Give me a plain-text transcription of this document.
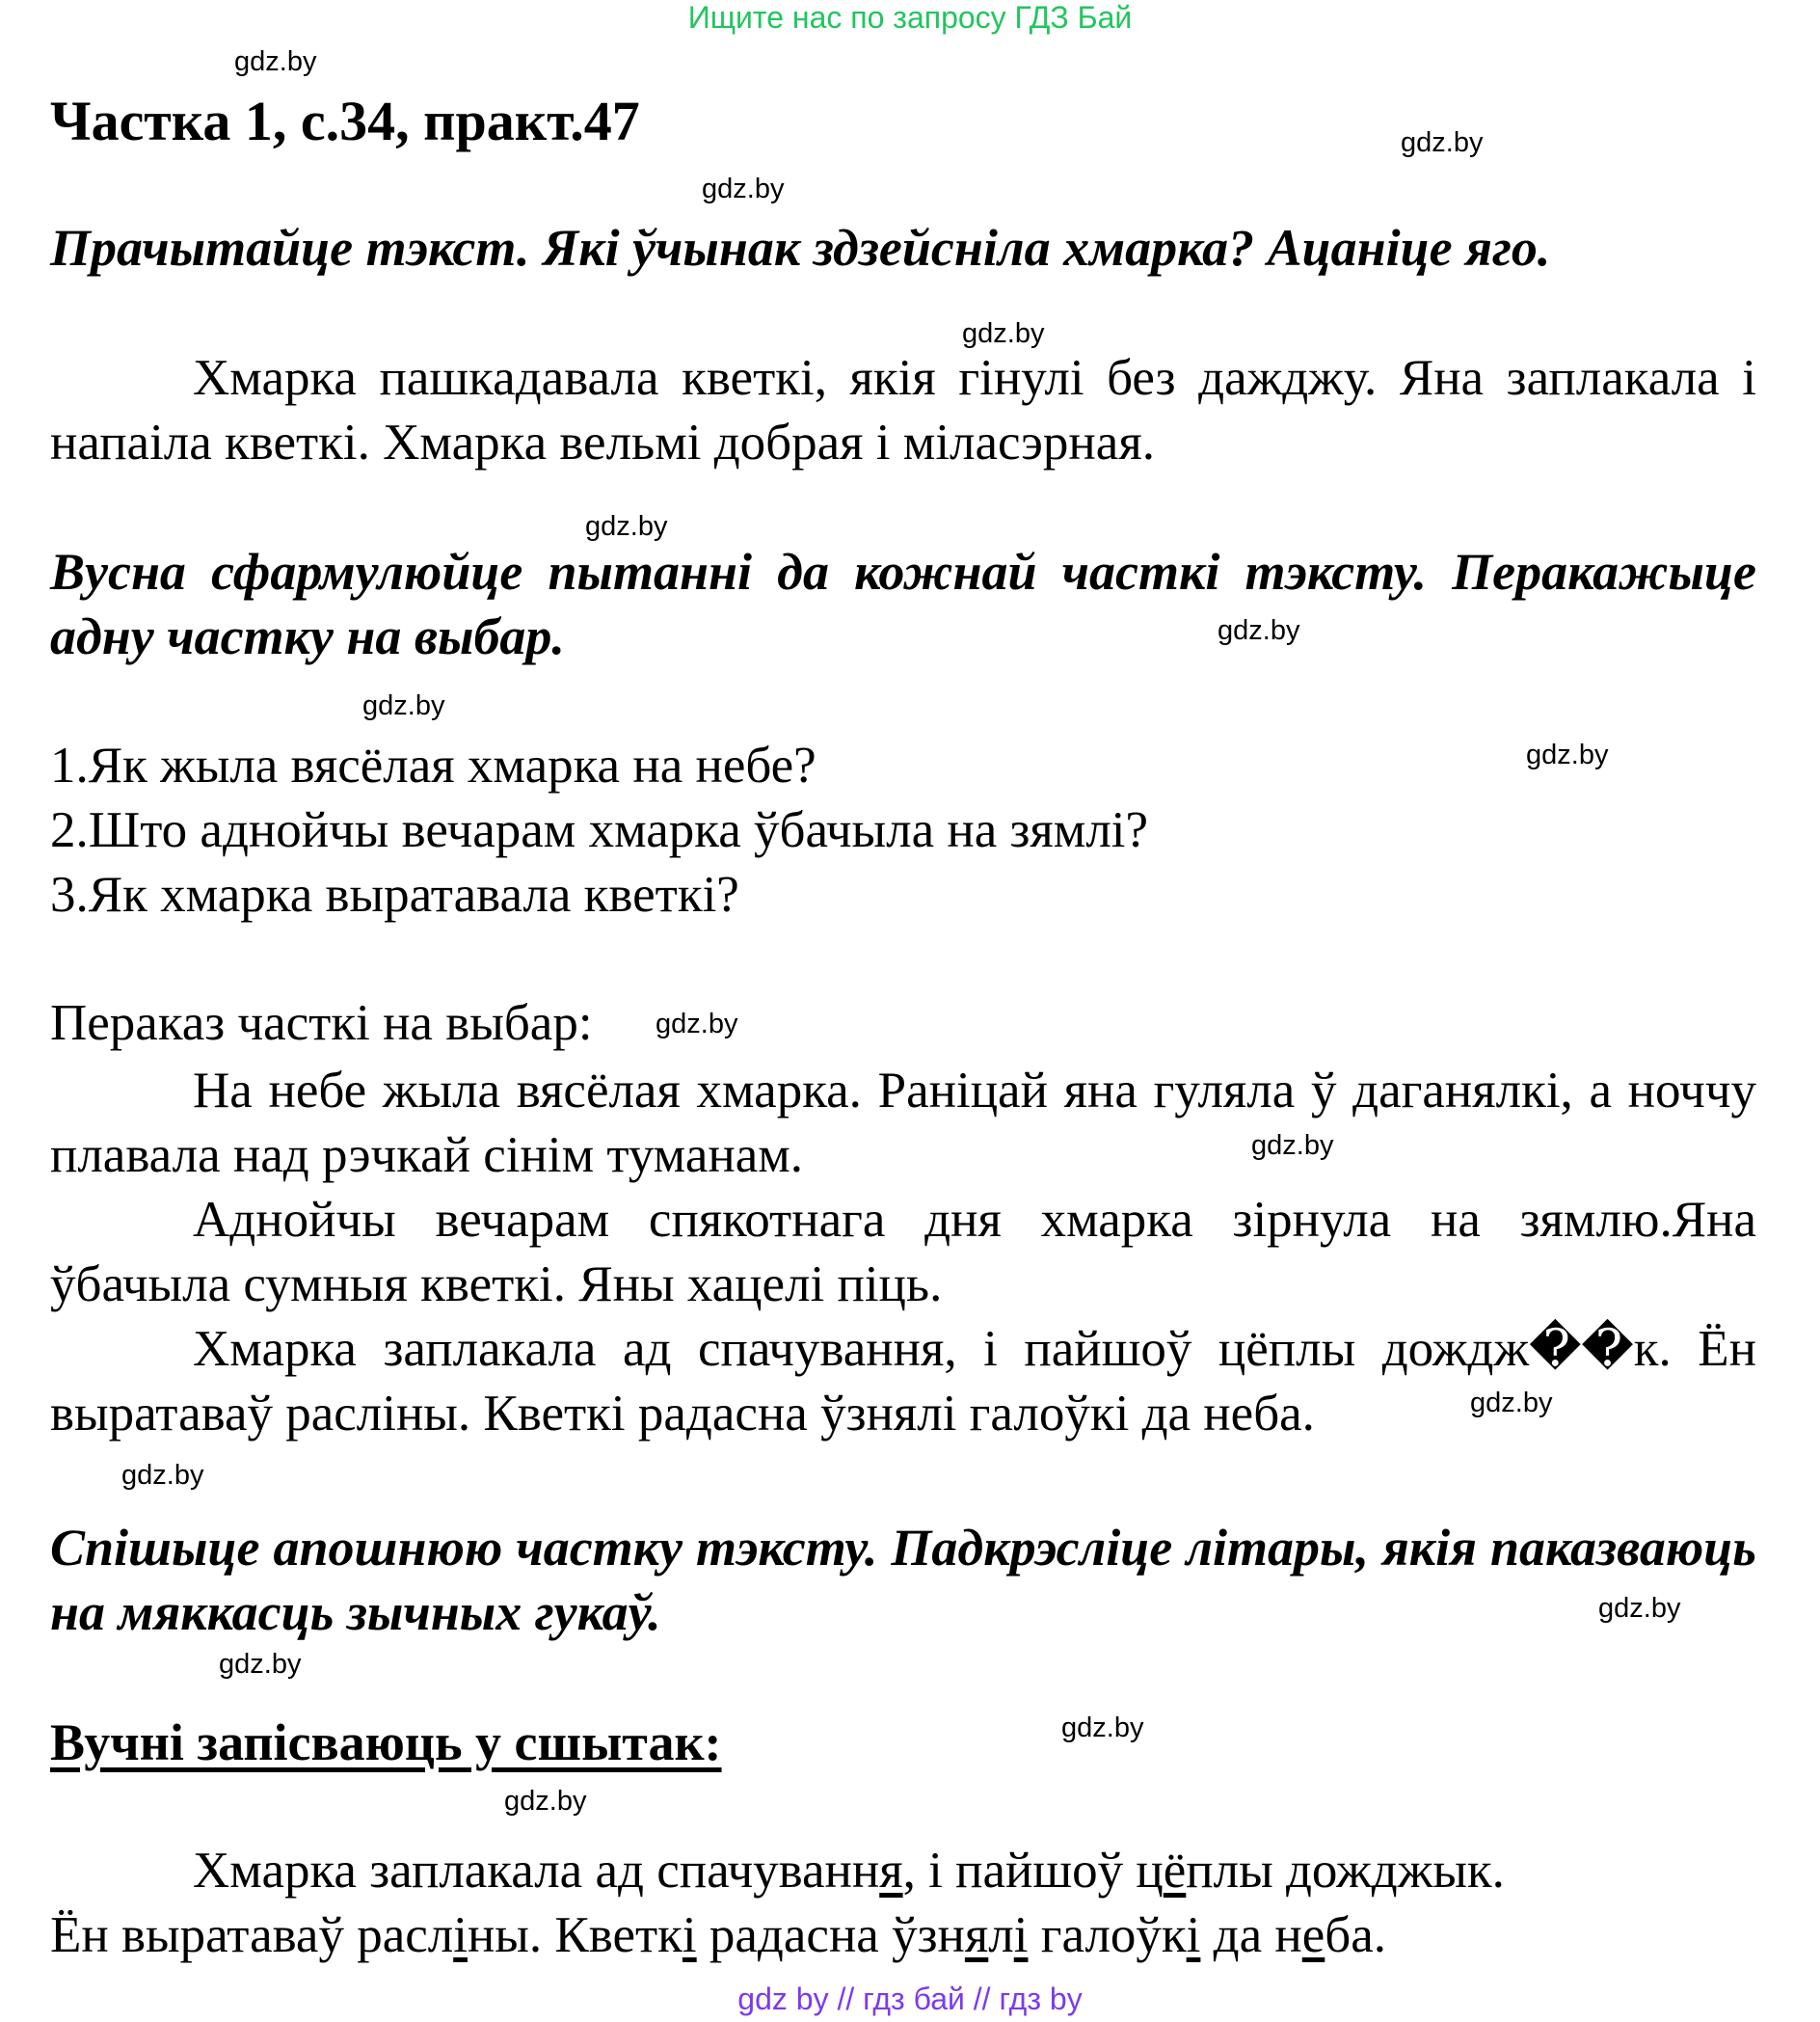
Ищите нас по запросу ГДЗ Бай
gdz.by
gdz.by
gdz.by
gdz.by
gdz.by
gdz.by
gdz.by
gdz.by
gdz.by
gdz.by
gdz.by
gdz.by
gdz.by
gdz.by
gdz.by
gdz.by
Частка 1, с.34, практ.47
Прачытайце тэкст. Які ўчынак здзейсніла хмарка? Ацаніце яго.
Хмарка пашкадавала кветкі, якія гінулі без дажджу. Яна заплакала і напаіла кветкі. Хмарка вельмі добрая і міласэрная.
Вусна сфармулюйце пытанні да кожнай часткі тэксту. Перакажыце адну частку на выбар.
1.Як жыла вясёлая хмарка на небе?
2.Што аднойчы вечарам хмарка ўбачыла на зямлі?
3.Як хмарка выратавала кветкі?
Пераказ часткі на выбар:
На небе жыла вясёлая хмарка. Раніцай яна гуляла ў даганялкі, а ноччу плавала над рэчкай сінім туманам.
Аднойчы вечарам спякотнага дня хмарка зірнула на зямлю.Яна ўбачыла сумныя кветкі. Яны хацелі піць.
Хмарка заплакала ад спачування, і пайшоў цёплы дождж��к. Ён выратаваў расліны. Кветкі радасна ўзнялі галоўкі да неба.
Спішыце апошнюю частку тэксту. Падкрэсліце літары, якія паказваюць на мяккасць зычных гукаў.
Вучні запісваюць у сшытак:
Хмарка заплакала ад спачування, і пайшоў цёплы дожджык.
Ён выратаваў расліны. Кветкі радасна ўзнялі галоўкі да неба.
gdz by // гдз бай // гдз by
